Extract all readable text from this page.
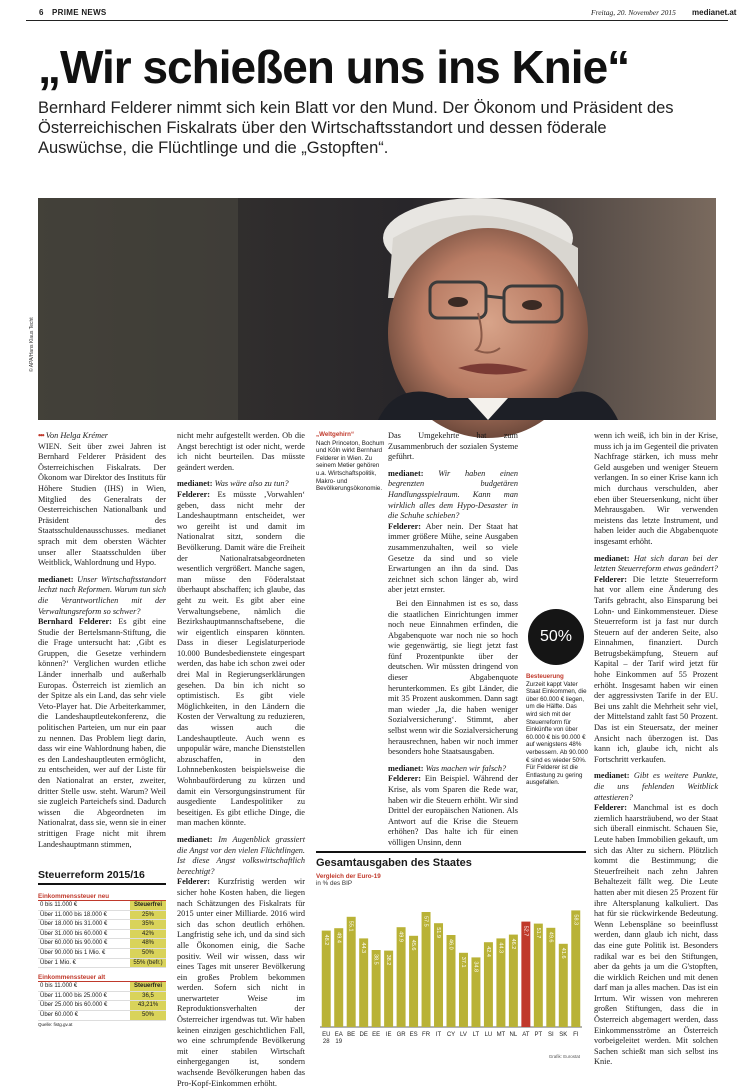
6 PRIME NEWS	Freitag, 20. November 2015 medianet.at
„Wir schießen uns ins Knie“
Bernhard Felderer nimmt sich kein Blatt vor den Mund. Der Ökonom und Präsident des Österreichischen Fiskalrats über den Wirtschaftsstandort und dessen föderale Auswüchse, die Flüchtlinge und die „Gstopften“.
© APA/Hans Klaus Techt

••• Von Helga Krémer

WIEN. Seit über zwei Jahren ist Bernhard Felderer Präsident des Österreichischen Fiskalrats. Der Ökonom war Direktor des Instituts für Höhere Studien (IHS) in Wien, Mitglied des Generalrats der Oesterreichischen Nationalbank und Präsident des Staatsschuldenausschusses. medianet sprach mit dem obersten Wächter unser aller Staatsschulden über Weitblick, Wahlordnung und Hypo.

medianet: Unser Wirtschaftsstandort lechzt nach Reformen. Warum tun sich die Verantwortlichen mit der Verwaltungsreform so schwer?

Bernhard Felderer: Es gibt eine Studie der Bertelsmann-Stiftung, die die Frage untersucht hat: ‚Gibt es Gruppen, die Gesetze verhindern können?‘ Verglichen wurden etliche Länder innerhalb und außerhalb Europas. Österreich ist ziemlich an der Spitze als ein Land, das sehr viele Veto-Player hat. Die Arbeiterkammer, die Landeshauptleutekonferenz, die politischen Parteien, um nur ein paar zu nennen. Das Problem liegt darin, dass wir eine Wahlordnung haben, die es den Landeshauptleuten ermöglicht, zu entscheiden, wer auf der Liste für den Nationalrat an erster, zweiter, dritter Stelle usw. steht. Warum? Weil sie zugleich Parteichefs sind. Dadurch wissen die Abgeordneten im Nationalrat, dass sie, wenn sie in einer strittigen Frage nicht mit ihrem Landeshauptmann stimmen,

Steuerreform 2015/16
Einkommenssteuer neu
0 bis 11.000 €	Steuerfrei
Über 11.000 bis 18.000 €	25%
Über 18.000 bis 31.000 €	35%
Über 31.000 bis 60.000 €	42%
Über 60.000 bis 90.000 €	48%
Über 90.000 bis 1 Mio. €	50%
Über 1 Mio. €	55% (befr.)
Einkommenssteuer alt
0 bis 11.000 €	Steuerfrei
Über 11.000 bis 25.000 €	36,5
Über 25.000 bis 60.000 €	43,21%
Über 60.000 €	50%
Quelle: fistg.gv.at

nicht mehr aufgestellt werden. Ob die Angst berechtigt ist oder nicht, werde ich nicht beurteilen. Das müsste geändert werden.

medianet: Was wäre also zu tun?

Felderer: Es müsste ‚Vorwahlen‘ geben, dass nicht mehr der Landeshauptmann entscheidet, wer wo gereiht ist und damit im Nationalrat sitzt, sondern die Bevölkerung. Damit wäre die Freiheit der Nationalratsabgeordneten wesentlich vergrößert. Manche sagen, man müsse den Föderalstaat überhaupt abschaffen; ich glaube, das geht zu weit. Es gibt aber eine Verwaltungsebene, nämlich die Bezirkshauptmannschaftsebene, die wir eigentlich einsparen könnten. Dass in dieser Legislaturperiode 10.000 Bundesbedienstete eingespart werden, das habe ich schon zwei oder drei Mal in Regierungserklärungen gesehen. Da bin ich nicht so optimistisch. Es gibt viele Möglichkeiten, in den Ländern die Kosten der Verwaltung zu reduzieren, das wissen auch die Landeshauptleute. Auch wenn es unpopulär wäre, manche Dienststellen abzuschaffen, in den Lohnnebenkosten beispielsweise die Wohnbauförderung zu kürzen und damit ein Versorgungsinstrument für ausgediente Landespolitiker zu beseitigen. Es gibt etliche Dinge, die man machen könnte.

medianet: Im Augenblick grassiert die Angst vor den vielen Flüchtlingen. Ist diese Angst volkswirtschaftlich berechtigt?

Felderer: Kurzfristig werden wir sicher hohe Kosten haben, die liegen nach Schätzungen des Fiskalrats für 2015 unter einer Milliarde. 2016 wird sich das schon deutlich erhöhen. Langfristig sehe ich, und da sind sich alle Ökonomen einig, die Sache positiv. Weil wir wissen, dass wir eines Tages mit unserer Bevölkerung ein großes Problem bekommen werden. Sofern sich nicht in unerwarteter Weise im Reproduktionsverhalten der Österreicher irgendwas tut. Wir haben keinen einzigen geschichtlichen Fall, wo eine schrumpfende Bevölkerung mit einer stabilen Wirtschaft einhergegangen ist, sondern wachsende Bevölkerungen haben das Pro-Kopf-Einkommen erhöht.

„Weltgehirn“
Nach Princeton, Bochum und Köln wirkt Bernhard Felderer in Wien. Zu seinem Metier gehören u.a. Wirtschaftspolitik, Makro- und Bevölkerungsökonomie.

Das Umgekehrte hat zum Zusammenbruch der sozialen Systeme geführt.

medianet: Wir haben einen begrenzten budgetären Handlungsspielraum. Kann man wirklich alles dem Hypo-Desaster in die Schuhe schieben?

Felderer: Aber nein. Der Staat hat immer größere Mühe, seine Ausgaben zusammenzuhalten, weil so viele Gesetze da sind und so viele Erwartungen an ihn da sind. Das zeichnet sich schon länger ab, wird aber jetzt ernster.

Bei den Einnahmen ist es so, dass die staatlichen Einrichtungen immer noch neue Einnahmen erfinden, die Abgabenquote war noch nie so hoch wie gegenwärtig, sie liegt jetzt fast fünf Prozentpunkte über der deutschen. Wir müssten dringend von dieser Abgabenquote herunterkommen. Es gibt Länder, die mit 35 Prozent auskommen. Dann sagt man wieder ‚Ja, die haben weniger Sozialversicherung‘. Stimmt, aber selbst wenn wir die Sozialversicherung herausrechnen, haben wir noch immer besonders hohe Staatsausgaben.

medianet: Was machen wir falsch?

Felderer: Ein Beispiel. Während der Krise, als vom Sparen die Rede war, haben wir die Steuern erhöht. Wir sind Drittel der europäischen Nationen. Als Antwort auf die Krise die Steuern erhöhen? Das halte ich für einen völligen Unsinn, denn

50%
Besteuerung
Zurzeit kappt Vater Staat Einkommen, die über 60.000 € liegen, um die Hälfte. Das wird sich mit der Steuerreform für Einkünfte von über 60.000 € bis 90.000 € auf wenigstens 48% verbessern. Ab 90.000 € sind es wieder 50%. Für Felderer ist die Entlastung zu gering ausgefallen.

wenn ich weiß, ich bin in der Krise, muss ich ja im Gegenteil die privaten Nachfrage stärken, ich muss mehr Geld ausgeben und weniger Steuern verlangen. In so einer Krise kann ich mich durchaus verschulden, aber eben über Steuersenkung, nicht über Mehrausgaben. Wir verwenden meistens das letzte Instrument, und haben leider auch die Abgabenquote insgesamt erhöht.

medianet: Hat sich daran bei der letzten Steuerreform etwas geändert?

Felderer: Die letzte Steuerreform hat vor allem eine Änderung des Tarifs gebracht, also Einsparung bei Lohn- und Einkommensteuer. Diese Steuerreform ist ja fast nur durch Steuern auf der anderen Seite, also Einnahmen, finanziert. Durch Betrugsbekämpfung, Steuern auf Kapital – der Tarif wird jetzt für hohe Einkommen auf 55 Prozent erhöht. Insgesamt haben wir einen der aggressivsten Tarife in der EU. Bei uns zahlt die Mehrheit sehr viel, der Mittelstand zahlt fast 50 Prozent. Das ist ein Steuersatz, der meiner Ansicht nach überzogen ist. Das kann ich, glaube ich, nicht als Fortschritt verkaufen.

medianet: Gibt es weitere Punkte, die uns fehlenden Weitblick attestieren?

Felderer: Manchmal ist es doch ziemlich haarsträubend, wo der Staat sich überall einmischt. Schauen Sie, Leute haben Immobilien gekauft, um sich das Alter zu sichern. Plötzlich kommt die Bestimmung; die Steuerfreiheit nach zehn Jahren Behaltezeit fällt weg. Die Leute hatten aber mit diesen 25 Prozent für ihre Altersplanung kalkuliert. Das hat für sie rückwirkende Bedeutung. Wenn Lebenspläne so beeinflusst werden, dann glaub ich nicht, dass das eine gute Politik ist. Besonders radikal war es bei den Stiftungen, aber da gehts ja um die G'stopften, die wirklich Reichen und mit denen darf man ja alles machen. Das ist ein Irrtum. Wir wissen von mehreren großen Stiftungen, dass die in Österreich abgemagert werden, dass Einkommensströme an Österreich vorbeigeleitet werden. Mit solchen Sachen schießt man sich selbst ins Knie.

Gesamtausgaben des Staates
Vergleich der Euro-19
in % des BIP
48.2
EU
28
49.4
EA
19
55.1
BE
44.3
DE
38.5
EE
38.2
IE
49.9
GR
45.6
ES
57.5
FR
51.9
IT
46.0
CY
37.1
LV
34.8
LT
42.4
LU
44.3
MT
46.2
NL
52.7
AT
51.7
PT
49.6
SI
41.6
SK
58.3
FI
Grafik: Eurostat
